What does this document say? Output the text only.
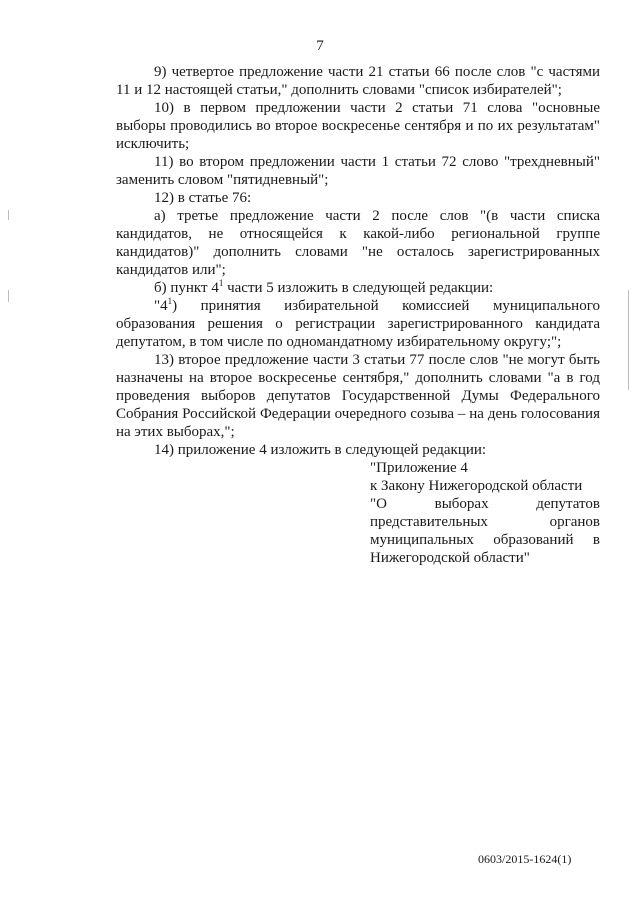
7

9) четвертое предложение части 21 статьи 66 после слов "с частями 11 и 12 настоящей статьи," дополнить словами "список избирателей";

10) в первом предложении части 2 статьи 71 слова "основные выборы проводились во второе воскресенье сентября и по их результатам" исключить;

11) во втором предложении части 1 статьи 72 слово "трехдневный" заменить словом "пятидневный";

12) в статье 76:

а) третье предложение части 2 после слов "(в части списка кандидатов, не относящейся к какой-либо региональной группе кандидатов)" дополнить словами "не осталось зарегистрированных кандидатов или";

б) пункт $4^1$ части 5 изложить в следующей редакции:

"$4^1$) принятия избирательной комиссией муниципального образования решения о регистрации зарегистрированного кандидата депутатом, в том числе по одномандатному избирательному округу;";

13) второе предложение части 3 статьи 77 после слов "не могут быть назначены на второе воскресенье сентября," дополнить словами "а в год проведения выборов депутатов Государственной Думы Федерального Собрания Российской Федерации очередного созыва – на день голосования на этих выборах,";

14) приложение 4 изложить в следующей редакции:

"Приложение 4
к Закону Нижегородской области
"О выборах депутатов
представительных органов
муниципальных образований в
Нижегородской области"
0603/2015-1624(1)
